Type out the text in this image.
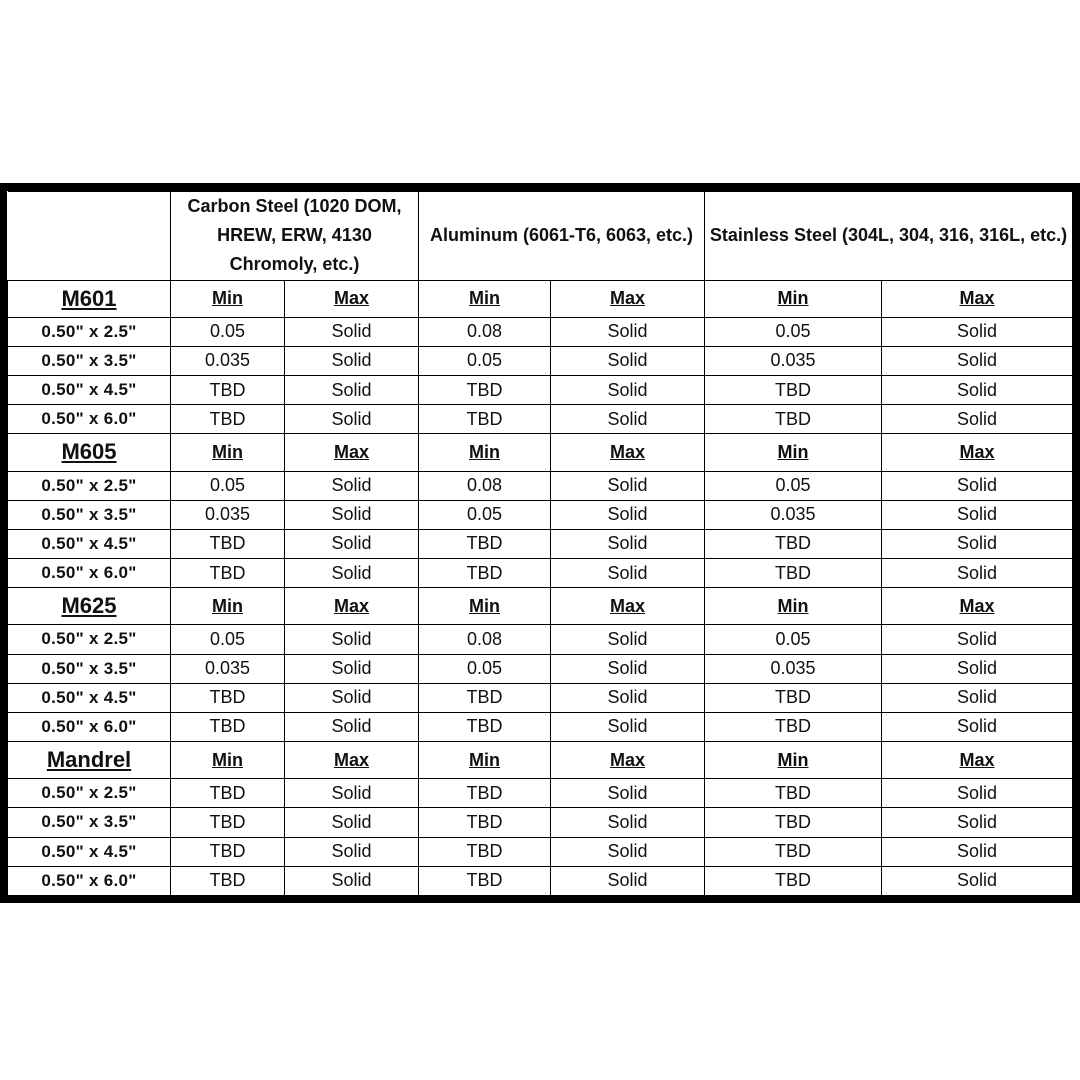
	Carbon Steel (1020 DOM, HREW, ERW, 4130 Chromoly, etc.)		Aluminum (6061-T6, 6063, etc.)		Stainless Steel (304L, 304, 316, 316L, etc.)	
M601	Min	Max	Min	Max	Min	Max
0.50" x 2.5"	0.05	Solid	0.08	Solid	0.05	Solid
0.50" x 3.5"	0.035	Solid	0.05	Solid	0.035	Solid
0.50" x 4.5"	TBD	Solid	TBD	Solid	TBD	Solid
0.50" x 6.0"	TBD	Solid	TBD	Solid	TBD	Solid
M605	Min	Max	Min	Max	Min	Max
0.50" x 2.5"	0.05	Solid	0.08	Solid	0.05	Solid
0.50" x 3.5"	0.035	Solid	0.05	Solid	0.035	Solid
0.50" x 4.5"	TBD	Solid	TBD	Solid	TBD	Solid
0.50" x 6.0"	TBD	Solid	TBD	Solid	TBD	Solid
M625	Min	Max	Min	Max	Min	Max
0.50" x 2.5"	0.05	Solid	0.08	Solid	0.05	Solid
0.50" x 3.5"	0.035	Solid	0.05	Solid	0.035	Solid
0.50" x 4.5"	TBD	Solid	TBD	Solid	TBD	Solid
0.50" x 6.0"	TBD	Solid	TBD	Solid	TBD	Solid
Mandrel	Min	Max	Min	Max	Min	Max
0.50" x 2.5"	TBD	Solid	TBD	Solid	TBD	Solid
0.50" x 3.5"	TBD	Solid	TBD	Solid	TBD	Solid
0.50" x 4.5"	TBD	Solid	TBD	Solid	TBD	Solid
0.50" x 6.0"	TBD	Solid	TBD	Solid	TBD	Solid
